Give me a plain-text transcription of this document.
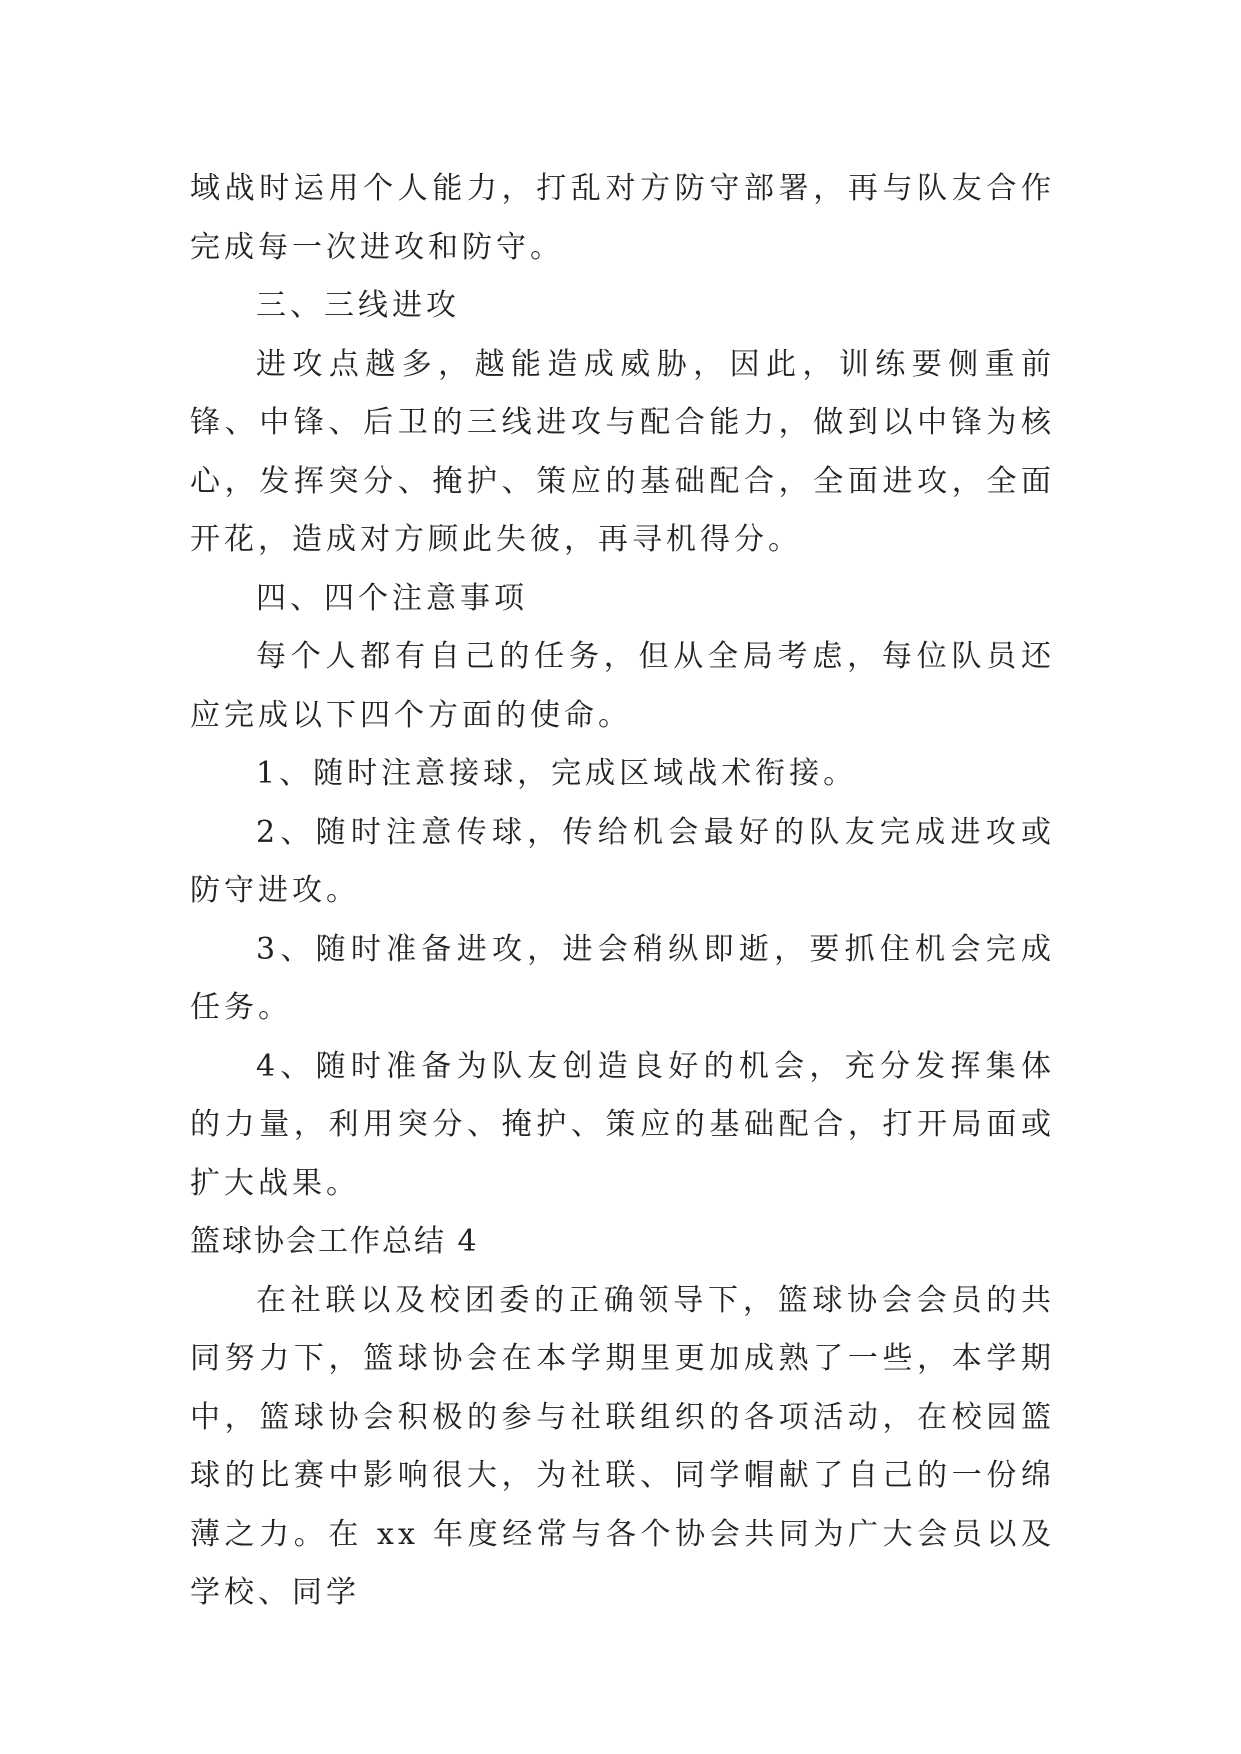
域战时运用个人能力，打乱对方防守部署，再与队友合作完成每一次进攻和防守。

三、三线进攻

进攻点越多，越能造成威胁，因此，训练要侧重前锋、中锋、后卫的三线进攻与配合能力，做到以中锋为核心，发挥突分、掩护、策应的基础配合，全面进攻，全面开花，造成对方顾此失彼，再寻机得分。

四、四个注意事项

每个人都有自己的任务，但从全局考虑，每位队员还应完成以下四个方面的使命。

1、随时注意接球，完成区域战术衔接。

2、随时注意传球，传给机会最好的队友完成进攻或防守进攻。

3、随时准备进攻，进会稍纵即逝，要抓住机会完成任务。

4、随时准备为队友创造良好的机会，充分发挥集体的力量，利用突分、掩护、策应的基础配合，打开局面或扩大战果。

篮球协会工作总结 4

在社联以及校团委的正确领导下，篮球协会会员的共同努力下，篮球协会在本学期里更加成熟了一些，本学期中，篮球协会积极的参与社联组织的各项活动，在校园篮球的比赛中影响很大，为社联、同学帽献了自己的一份绵薄之力。在 xx 年度经常与各个协会共同为广大会员以及学校、同学
